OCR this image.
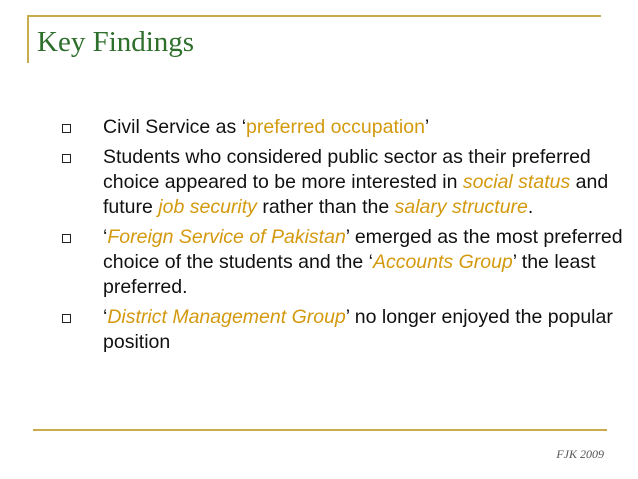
Key Findings
Civil Service as ‘preferred occupation’
Students who considered public sector as their preferred choice appeared to be more interested in social status and future job security rather than the salary structure.
‘Foreign Service of Pakistan’ emerged as the most preferred choice of the students and the ‘Accounts Group’ the least preferred.
‘District Management Group’ no longer enjoyed the popular position
FJK 2009
